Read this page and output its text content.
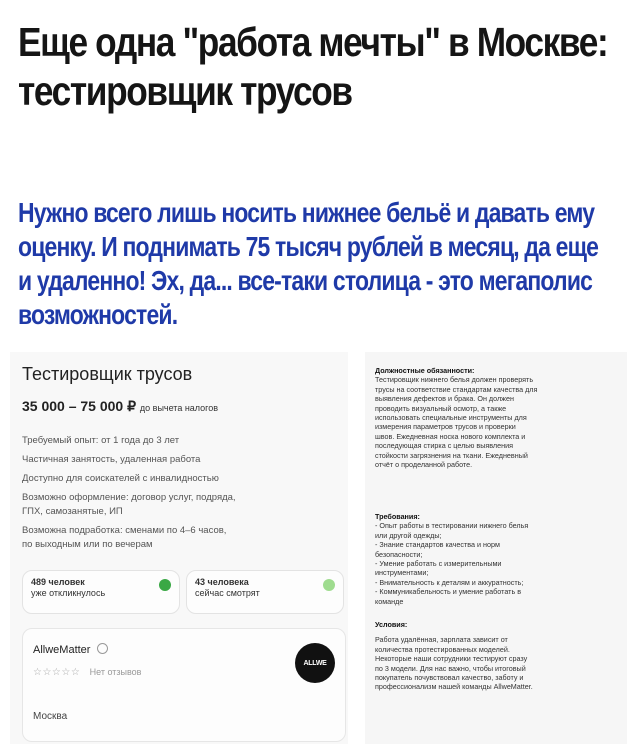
Еще одна "работа мечты" в Москве:
тестировщик трусов
Нужно всего лишь носить нижнее бельё и давать ему
оценку. И поднимать 75 тысяч рублей в месяц, да еще
и удаленно! Эх, да... все-таки столица - это мегаполис
возможностей.
Тестировщик трусов
35 000 – 75 000 ₽ до вычета налогов
Требуемый опыт: от 1 года до 3 лет
Частичная занятость, удаленная работа
Доступно для соискателей с инвалидностью
Возможно оформление: договор услуг, подряда,
ГПХ, самозанятые, ИП
Возможна подработка: сменами по 4–6 часов,
по выходным или по вечерам
489 человек
уже откликнулось
43 человека
сейчас смотрят
AllweMatter
☆☆☆☆☆ Нет отзывов
Москва
ALLWE
Должностные обязанности:
Тестировщик нижнего белья должен проверять
трусы на соответствие стандартам качества для
выявления дефектов и брака. Он должен
проводить визуальный осмотр, а также
использовать специальные инструменты для
измерения параметров трусов и проверки
швов. Ежедневная носка нового комплекта и
последующая стирка с целью выявления
стойкости загрязнения на ткани. Ежедневный
отчёт о проделанной работе.
Требования:
- Опыт работы в тестировании нижнего белья
или другой одежды;
- Знание стандартов качества и норм
безопасности;
- Умение работать с измерительными
инструментами;
- Внимательность к деталям и аккуратность;
- Коммуникабельность и умение работать в
команде
Условия:
Работа удалённая, зарплата зависит от
количества протестированных моделей.
Некоторые наши сотрудники тестируют сразу
по 3 модели. Для нас важно, чтобы итоговый
покупатель почувствовал качество, заботу и
профессионализм нашей команды AllweMatter.
